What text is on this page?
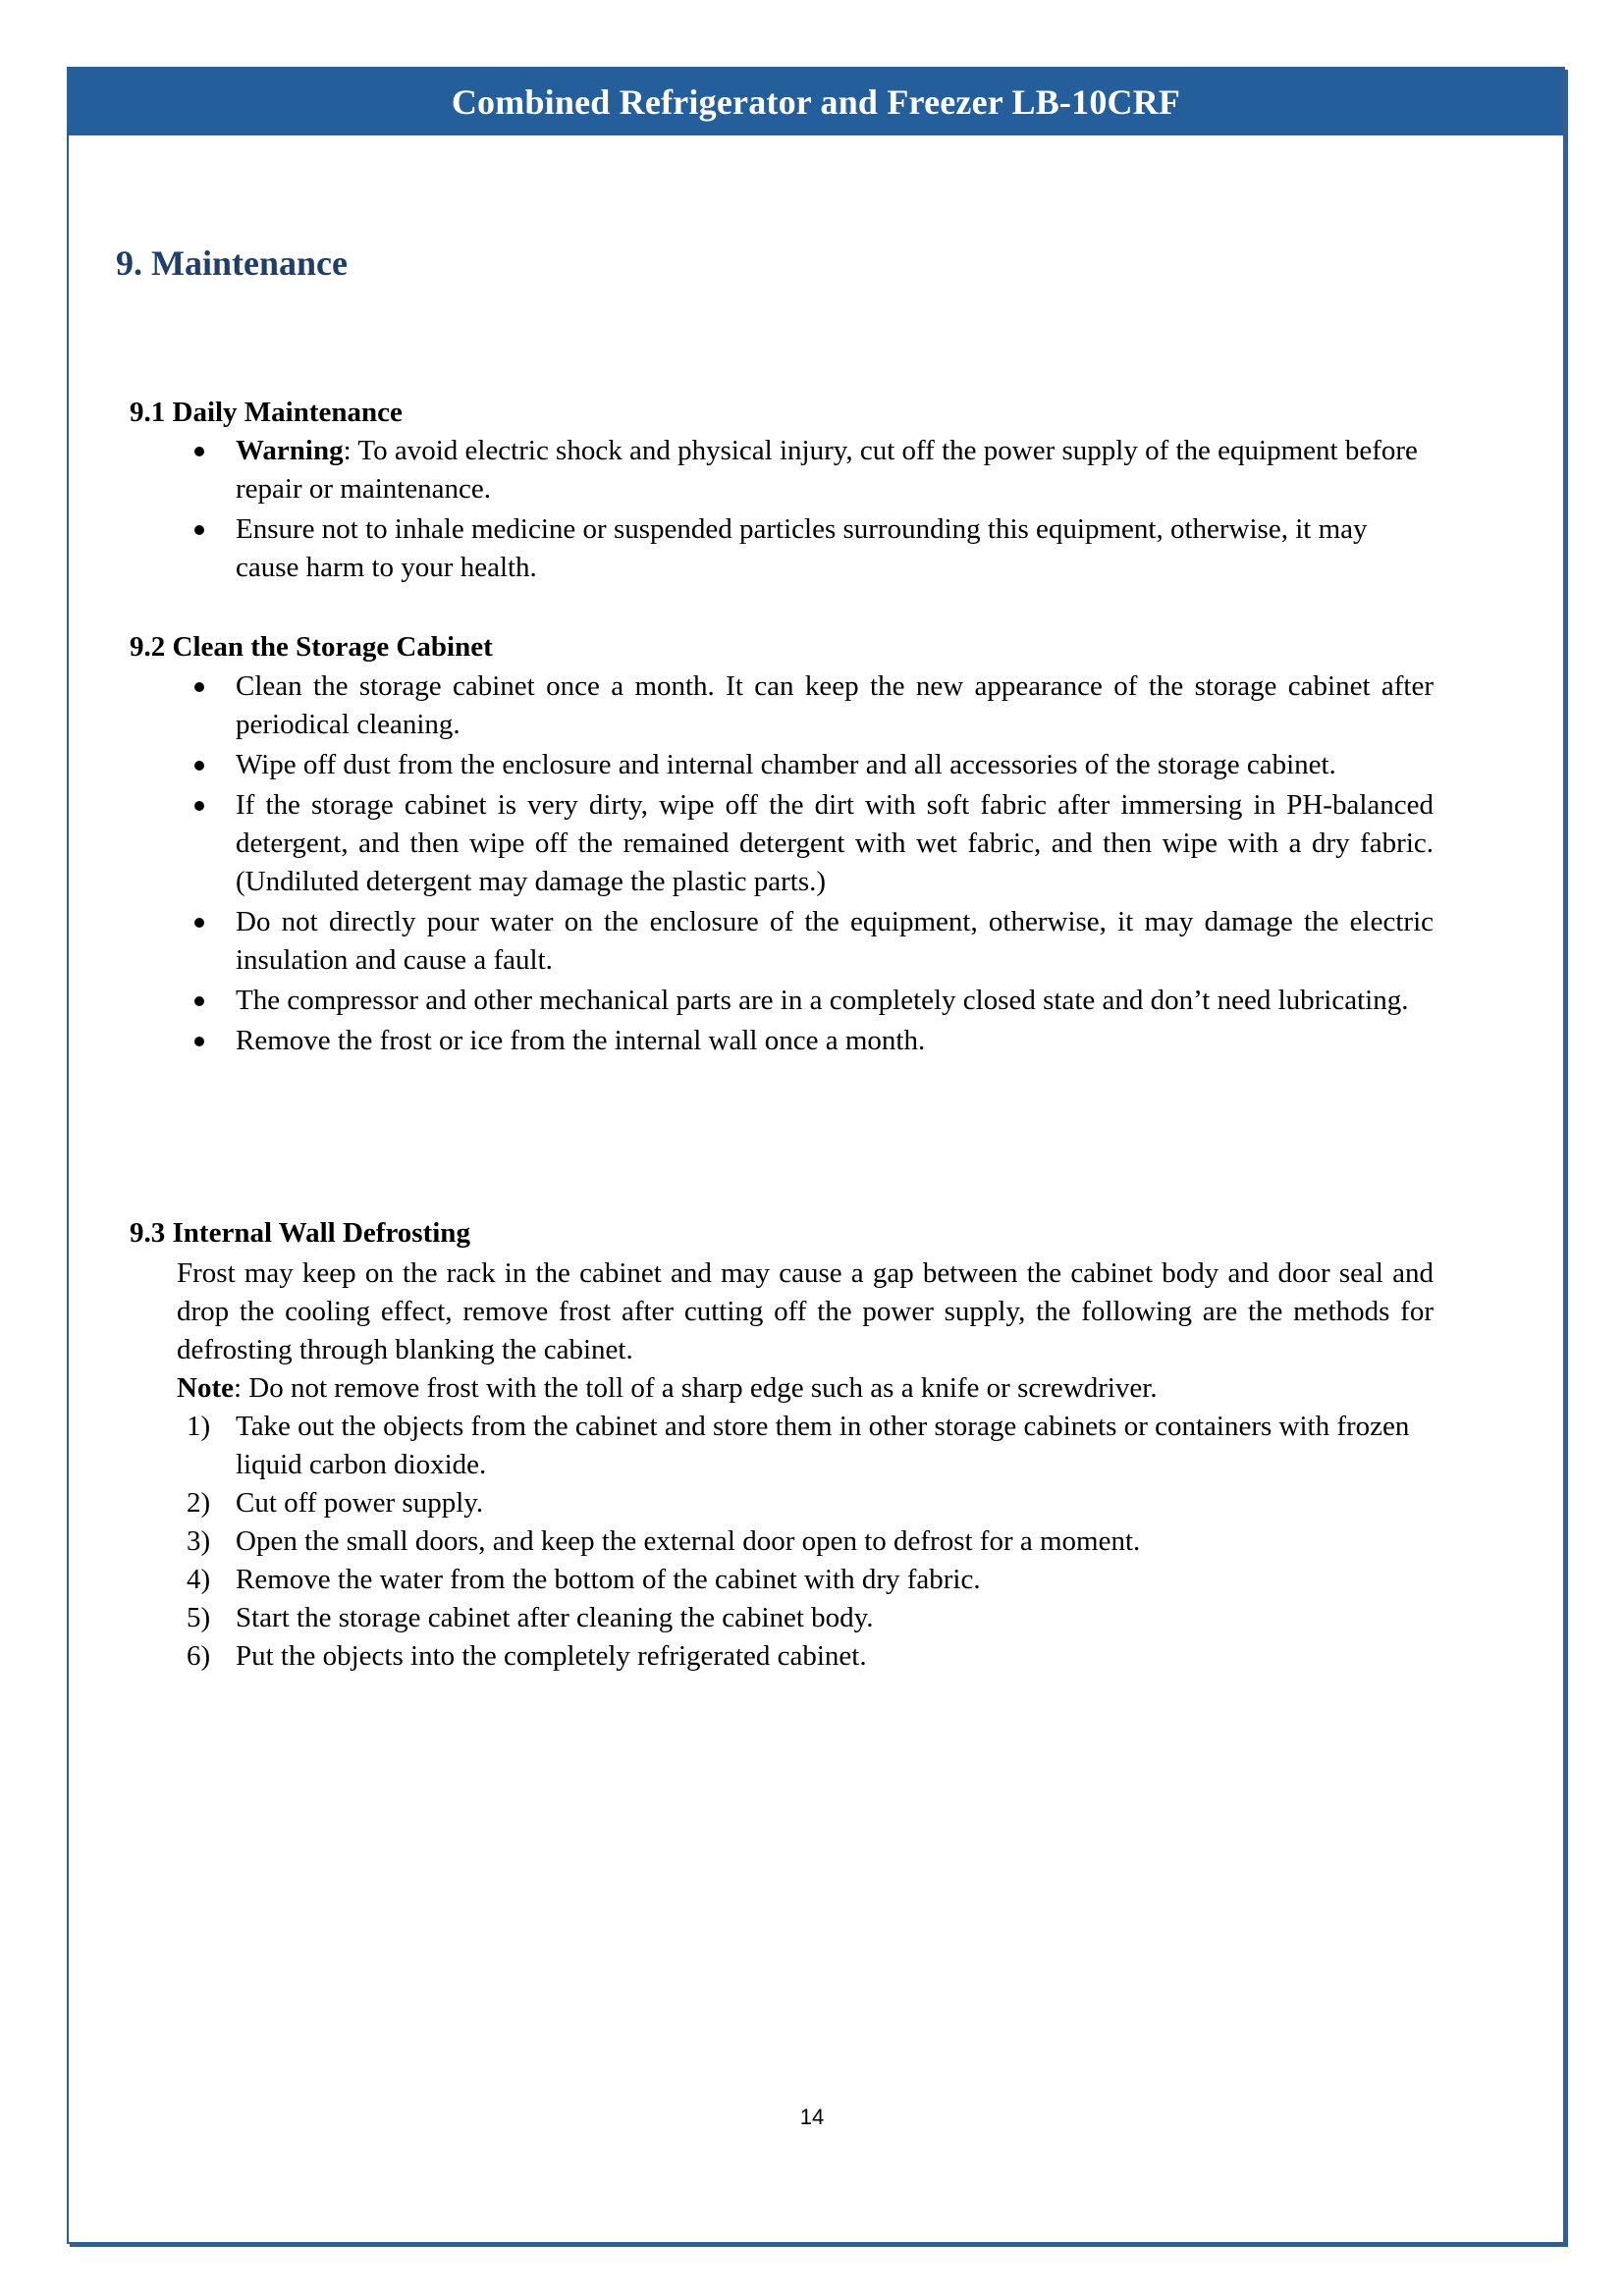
Combined Refrigerator and Freezer LB-10CRF
9. Maintenance
9.1 Daily Maintenance
Warning: To avoid electric shock and physical injury, cut off the power supply of the equipment before repair or maintenance.
Ensure not to inhale medicine or suspended particles surrounding this equipment, otherwise, it may cause harm to your health.
9.2 Clean the Storage Cabinet
Clean the storage cabinet once a month. It can keep the new appearance of the storage cabinet after periodical cleaning.
Wipe off dust from the enclosure and internal chamber and all accessories of the storage cabinet.
If the storage cabinet is very dirty, wipe off the dirt with soft fabric after immersing in PH-balanced detergent, and then wipe off the remained detergent with wet fabric, and then wipe with a dry fabric. (Undiluted detergent may damage the plastic parts.)
Do not directly pour water on the enclosure of the equipment, otherwise, it may damage the electric insulation and cause a fault.
The compressor and other mechanical parts are in a completely closed state and don’t need lubricating.
Remove the frost or ice from the internal wall once a month.
9.3 Internal Wall Defrosting

Frost may keep on the rack in the cabinet and may cause a gap between the cabinet body and door seal and drop the cooling effect, remove frost after cutting off the power supply, the following are the methods for defrosting through blanking the cabinet.
Note: Do not remove frost with the toll of a sharp edge such as a knife or screwdriver.

1) Take out the objects from the cabinet and store them in other storage cabinets or containers with frozen liquid carbon dioxide.
2) Cut off power supply.
3) Open the small doors, and keep the external door open to defrost for a moment.
4) Remove the water from the bottom of the cabinet with dry fabric.
5) Start the storage cabinet after cleaning the cabinet body.
6) Put the objects into the completely refrigerated cabinet.
14
